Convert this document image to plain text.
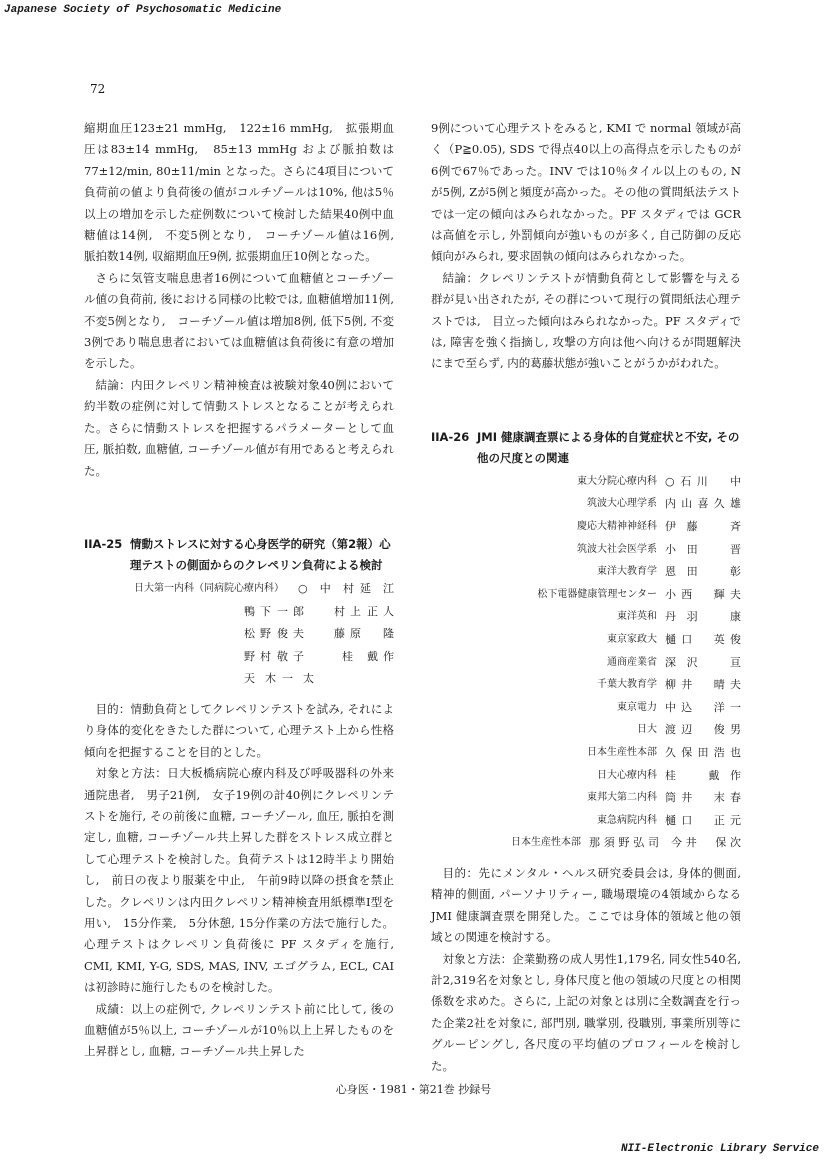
Japanese Society of Psychosomatic Medicine
72

縮期血圧123±21 mmHg,　122±16 mmHg,　拡張期血圧は83±14 mmHg,　85±13 mmHg および脈拍数は77±12/min, 80±11/min となった。さらに4項目について負荷前の値より負荷後の値がコルチゾールは10%, 他は5％以上の増加を示した症例数について検討した結果40例中血糖値は14例,　不変5例となり,　コーチゾール値は16例,　脈拍数14例, 収縮期血圧9例, 拡張期血圧10例となった。

さらに気管支喘息患者16例について血糖値とコーチゾール値の負荷前, 後における同様の比較では, 血糖値増加11例,　不変5例となり,　コーチゾール値は増加8例, 低下5例, 不変3例であり喘息患者においては血糖値は負荷後に有意の増加を示した。

結論：内田クレペリン精神検査は被験対象40例において約半数の症例に対して情動ストレスとなることが考えられた。さらに情動ストレスを把握するパラメーターとして血圧, 脈拍数, 血糖値, コーチゾール値が有用であると考えられた。

IIA-25 情動ストレスに対する心身医学的研究（第2報）心理テストの側面からのクレペリン負荷による検討

日大第一内科（同病院心療内科）	○中村 延江
鴨下 一郎	村上 正人
松野 俊夫	藤原	隆
野村 敬子	桂	戴作
天木 一太

目的：情動負荷としてクレペリンテストを試み, それにより身体的変化をきたした群について, 心理テスト上から性格傾向を把握することを目的とした。

対象と方法：日大板橋病院心療内科及び呼吸器科の外来通院患者,　男子21例,　女子19例の計40例にクレペリンテストを施行, その前後に血糖, コーチゾール, 血圧, 脈拍を測定し, 血糖, コーチゾール共上昇した群をストレス成立群として心理テストを検討した。負荷テストは12時半より開始し,　前日の夜より服薬を中止,　午前9時以降の摂食を禁止した。クレペリンは内田クレペリン精神検査用紙標準Ⅰ型を用い,　15分作業,　5分休憩, 15分作業の方法で施行した。心理テストはクレペリン負荷後に PF スタディを施行, CMI, KMI, Y-G, SDS, MAS, INV, エゴグラム, ECL, CAI は初診時に施行したものを検討した。

成績：以上の症例で, クレペリンテスト前に比して, 後の血糖値が5％以上, コーチゾールが10％以上上昇したものを上昇群とし, 血糖, コーチゾール共上昇した

9例について心理テストをみると, KMI で normal 領域が高く（P≧0.05), SDS で得点40以上の高得点を示したものが6例で67％であった。INV では10％タイル以上のもの, Nが5例, Zが5例と頻度が高かった。その他の質問紙法テストでは一定の傾向はみられなかった。PF スタディでは GCR は高値を示し, 外罰傾向が強いものが多く, 自己防御の反応傾向がみられ, 要求固執の傾向はみられなかった。

結論：クレペリンテストが情動負荷として影響を与える群が見い出されたが, その群について現行の質問紙法心理テストでは,　目立った傾向はみられなかった。PF スタディでは, 障害を強く指摘し, 攻撃の方向は他へ向けるが問題解決にまで至らず, 内的葛藤状態が強いことがうかがわれた。

IIA-26 JMI 健康調査票による身体的自覚症状と不安, その他の尺度との関連

東大分院心療内科 ○石川　中
筑波大心理学系 内山喜久雄
慶応大精神神経科 伊藤　斉
筑波大社会医学系 小田　晋
東洋大教育学 恩田　彰
松下電器健康管理センター 小西　輝夫
東洋英和 丹羽　康
東京家政大 樋口　英俊
通商産業省 深沢　亘
千葉大教育学 柳井　晴夫
東京電力 中込　洋一
日大 渡辺　俊男
日本生産性本部 久保田浩也
日大心療内科 桂　戴作
東邦大第二内科 筒井　末春
東急病院内科 樋口　正元
日本生産性本部 那須野弘司 今井　保次

目的：先にメンタル・ヘルス研究委員会は, 身体的側面, 精神的側面, パーソナリティー, 職場環境の4領域からなる JMI 健康調査票を開発した。ここでは身体的領域と他の領域との関連を検討する。

対象と方法：企業勤務の成人男性1,179名, 同女性540名, 計2,319名を対象とし, 身体尺度と他の領域の尺度との相関係数を求めた。さらに, 上記の対象とは別に全数調査を行った企業2社を対象に, 部門別, 職掌別, 役職別, 事業所別等にグルーピングし, 各尺度の平均値のプロフィールを検討した。

心身医・1981・第21巻 抄録号
NII-Electronic Library Service
